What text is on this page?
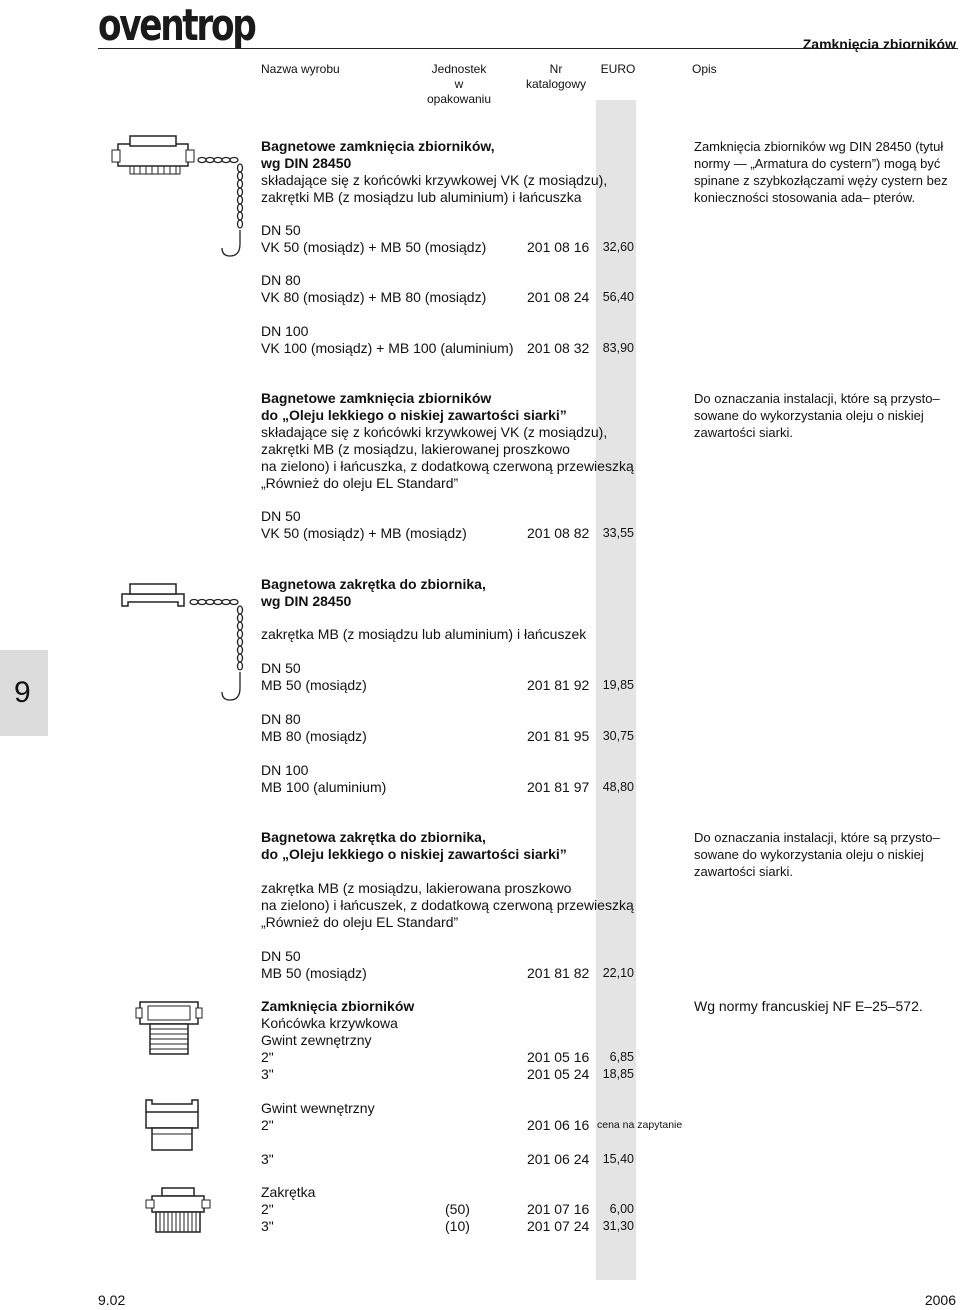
oventrop	Zamknięcia zbiorników
Nazwa wyrobu	Jednostek
w opakowaniu
Nr
katalogowy
EURO	Opis
9
Bagnetowe zamknięcia zbiorników,
wg DIN 28450
składające się z końcówki krzywkowej VK (z mosiądzu),
zakrętki MB (z mosiądzu lub aluminium) i łańcuszka
Zamknięcia zbiorników wg DIN 28450 (tytuł normy — „Armatura do cystern”) mogą być spinane z szybkozłączami węży cystern bez konieczności stosowania ada– pterów.
DN 50
VK 50 (mosiądz) + MB 50 (mosiądz)	201 08 16	32,60
DN 80
VK 80 (mosiądz) + MB 80 (mosiądz)	201 08 24	56,40
DN 100
VK 100 (mosiądz) + MB 100 (aluminium) 201 08 32	83,90
Bagnetowe zamknięcia zbiorników
do „Oleju lekkiego o niskiej zawartości siarki”
składające się z końcówki krzywkowej VK (z mosiądzu),
zakrętki MB (z mosiądzu, lakierowanej proszkowo
na zielono) i łańcuszka, z dodatkową czerwoną przewieszką
„Również do oleju EL Standard”
Do oznaczania instalacji, które są przysto– sowane do wykorzystania oleju o niskiej zawartości siarki.
DN 50
VK 50 (mosiądz) + MB (mosiądz)	201 08 82	33,55
Bagnetowa zakrętka do zbiornika,
wg DIN 28450
zakrętka MB (z mosiądzu lub aluminium) i łańcuszek
DN 50
MB 50 (mosiądz)	201 81 92	19,85
DN 80
MB 80 (mosiądz)	201 81 95	30,75
DN 100
MB 100 (aluminium)	201 81 97	48,80
Bagnetowa zakrętka do zbiornika,
do „Oleju lekkiego o niskiej zawartości siarki”
zakrętka MB (z mosiądzu, lakierowana proszkowo
na zielono) i łańcuszek, z dodatkową czerwoną przewieszką
„Również do oleju EL Standard”
Do oznaczania instalacji, które są przysto– sowane do wykorzystania oleju o niskiej zawartości siarki.
DN 50
MB 50 (mosiądz)	201 81 82	22,10
Zamknięcia zbiorników
Końcówka krzywkowa
Gwint zewnętrzny
Wg normy francuskiej NF E–25–572.
2"	201 05 16	6,85
3"	201 05 24	18,85
Gwint wewnętrzny
2"	201 06 16 cena na zapytanie
3"	201 06 24	15,40
Zakrętka
2"	(50)	201 07 16	6,00
3"	(10)	201 07 24	31,30
9.02	2006
